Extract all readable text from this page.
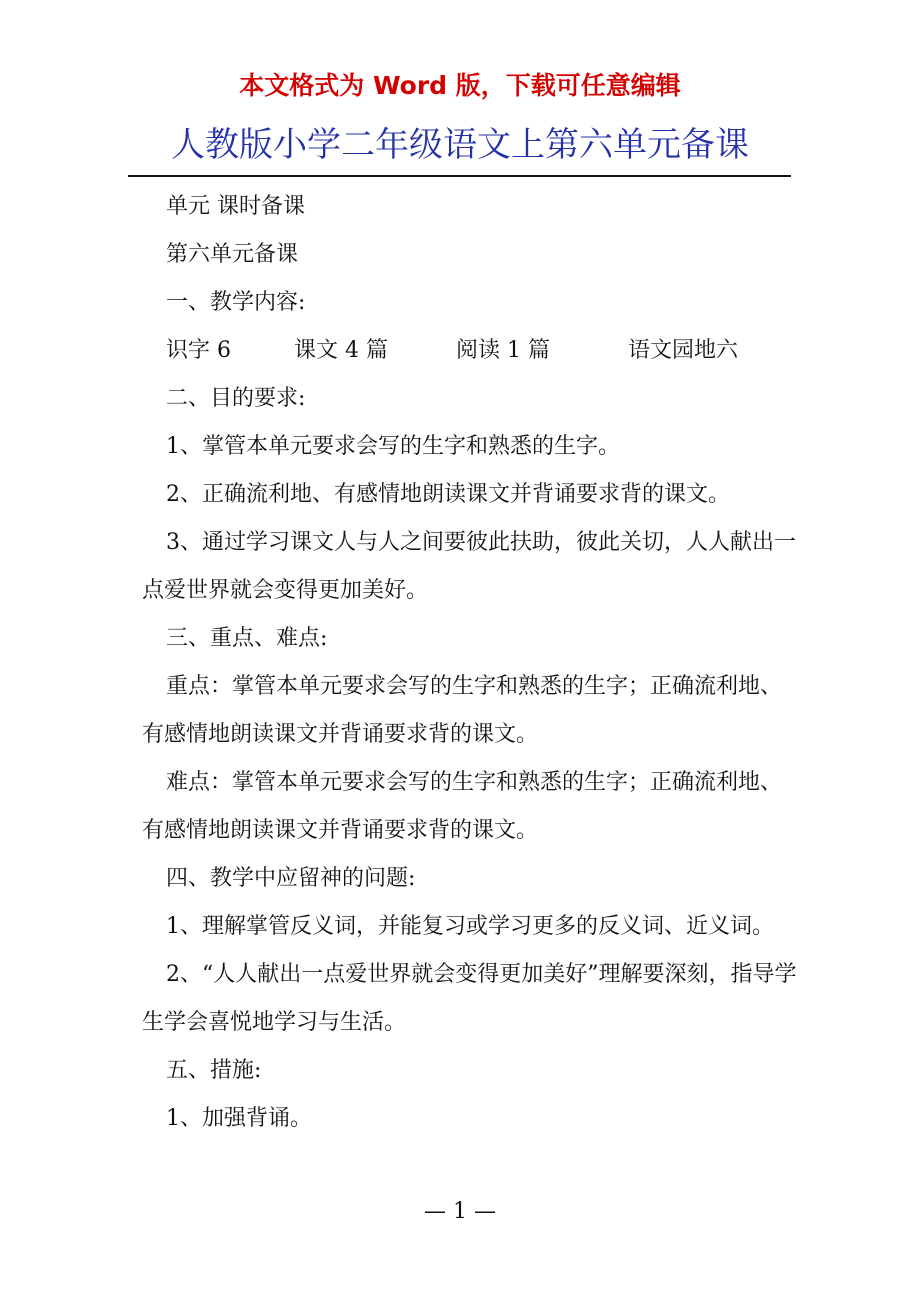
本文格式为 Word 版，下载可任意编辑
人教版小学二年级语文上第六单元备课

单元 课时备课

第六单元备课

一、教学内容:

识字 6	课文 4 篇	阅读 1 篇	语文园地六

二、目的要求:

1、掌管本单元要求会写的生字和熟悉的生字。

2、正确流利地、有感情地朗读课文并背诵要求背的课文。

3、通过学习课文人与人之间要彼此扶助，彼此关切，人人献出一点爱世界就会变得更加美好。

三、重点、难点:

重点：掌管本单元要求会写的生字和熟悉的生字；正确流利地、有感情地朗读课文并背诵要求背的课文。

难点：掌管本单元要求会写的生字和熟悉的生字；正确流利地、有感情地朗读课文并背诵要求背的课文。

四、教学中应留神的问题:

1、理解掌管反义词，并能复习或学习更多的反义词、近义词。

2、“人人献出一点爱世界就会变得更加美好”理解要深刻，指导学生学会喜悦地学习与生活。

五、措施:

1、加强背诵。

— 1 —
